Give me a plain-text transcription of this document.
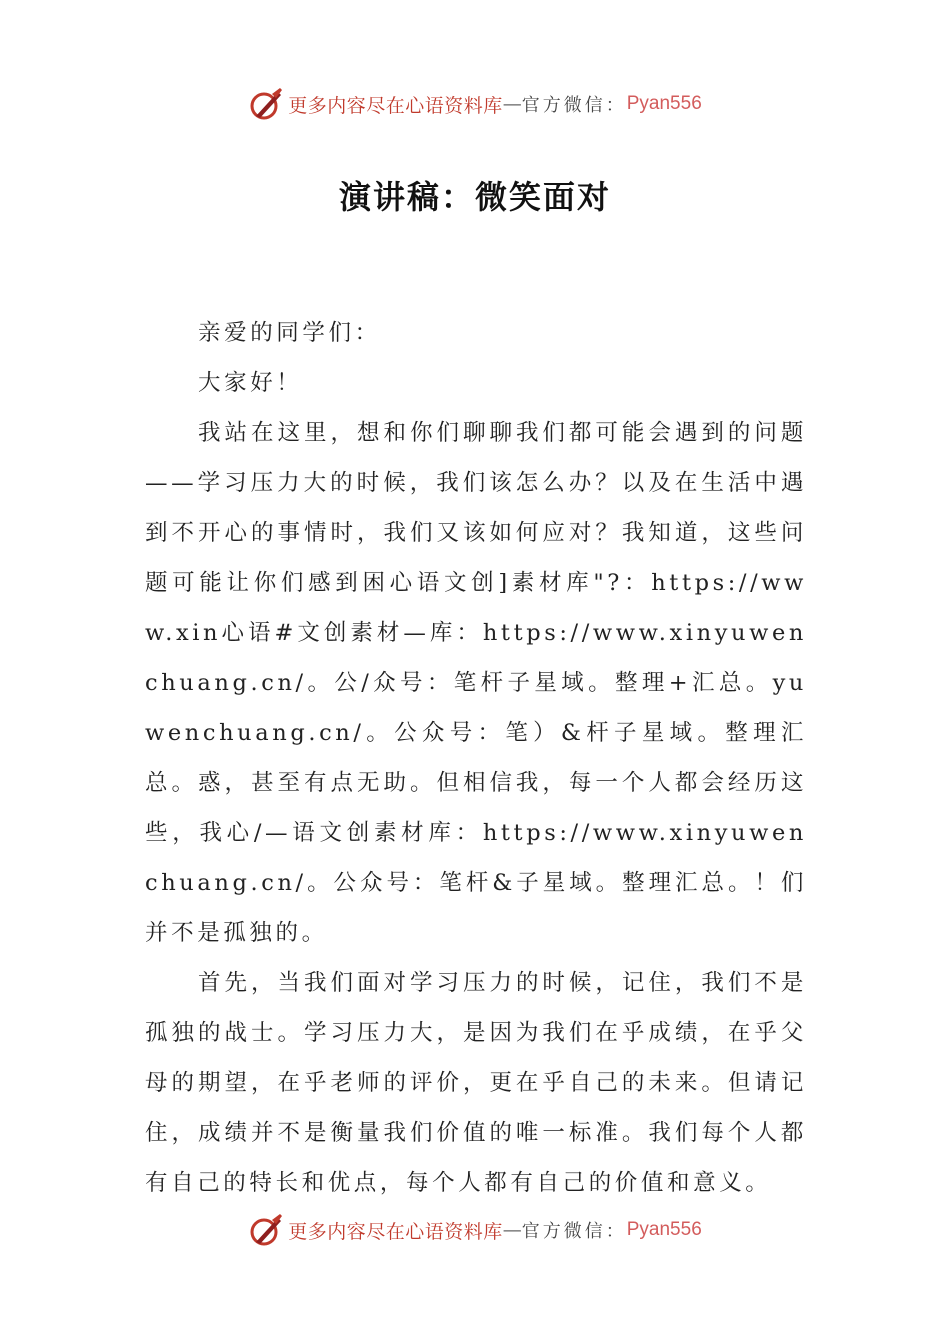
更多内容尽在心语资料库 — 官方微信： Pyan556
演讲稿：微笑面对

亲爱的同学们：

大家好！

我站在这里，想和你们聊聊我们都可能会遇到的问题——学习压力大的时候，我们该怎么办？以及在生活中遇到不开心的事情时，我们又该如何应对？我知道，这些问题可能让你们感到困心语文创]素材库"?：https://www.xin心语#文创素材—库：https://www.xinyuwenchuang.cn/。公/众号：笔杆子星域。整理+汇总。yuwenchuang.cn/。公众号：笔）&杆子星域。整理汇总。惑，甚至有点无助。但相信我，每一个人都会经历这些，我心/—语文创素材库：https://www.xinyuwenchuang.cn/。公众号：笔杆&子星域。整理汇总。！们并不是孤独的。

首先，当我们面对学习压力的时候，记住，我们不是孤独的战士。学习压力大，是因为我们在乎成绩，在乎父母的期望，在乎老师的评价，更在乎自己的未来。但请记住，成绩并不是衡量我们价值的唯一标准。我们每个人都有自己的特长和优点，每个人都有自己的价值和意义。

更多内容尽在心语资料库 — 官方微信： Pyan556
